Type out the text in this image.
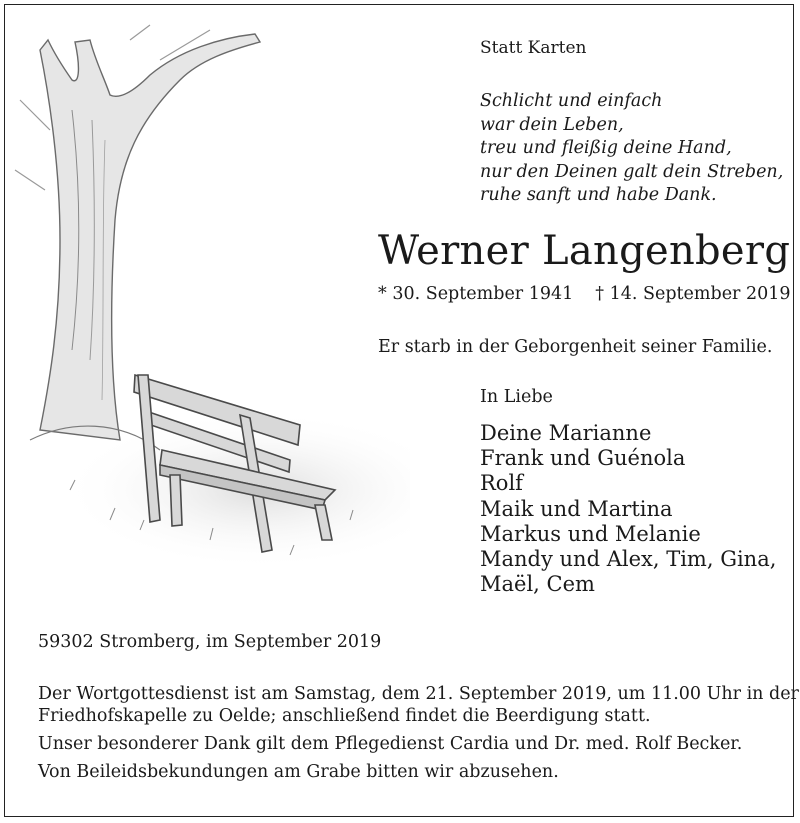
Statt Karten
Schlicht und einfach
war dein Leben,
treu und fleißig deine Hand,
nur den Deinen galt dein Streben,
ruhe sanft und habe Dank.
Werner Langenberg
* 30. September 1941 † 14. September 2019
Er starb in der Geborgenheit seiner Familie.
In Liebe
Deine Marianne
Frank und Guénola
Rolf
Maik und Martina
Markus und Melanie
Mandy und Alex, Tim, Gina,
Maël, Cem
59302 Stromberg, im September 2019
Der Wortgottesdienst ist am Samstag, dem 21. September 2019, um 11.00 Uhr in der
Friedhofskapelle zu Oelde; anschließend findet die Beerdigung statt.
Unser besonderer Dank gilt dem Pflegedienst Cardia und Dr. med. Rolf Becker.
Von Beileidsbekundungen am Grabe bitten wir abzusehen.
